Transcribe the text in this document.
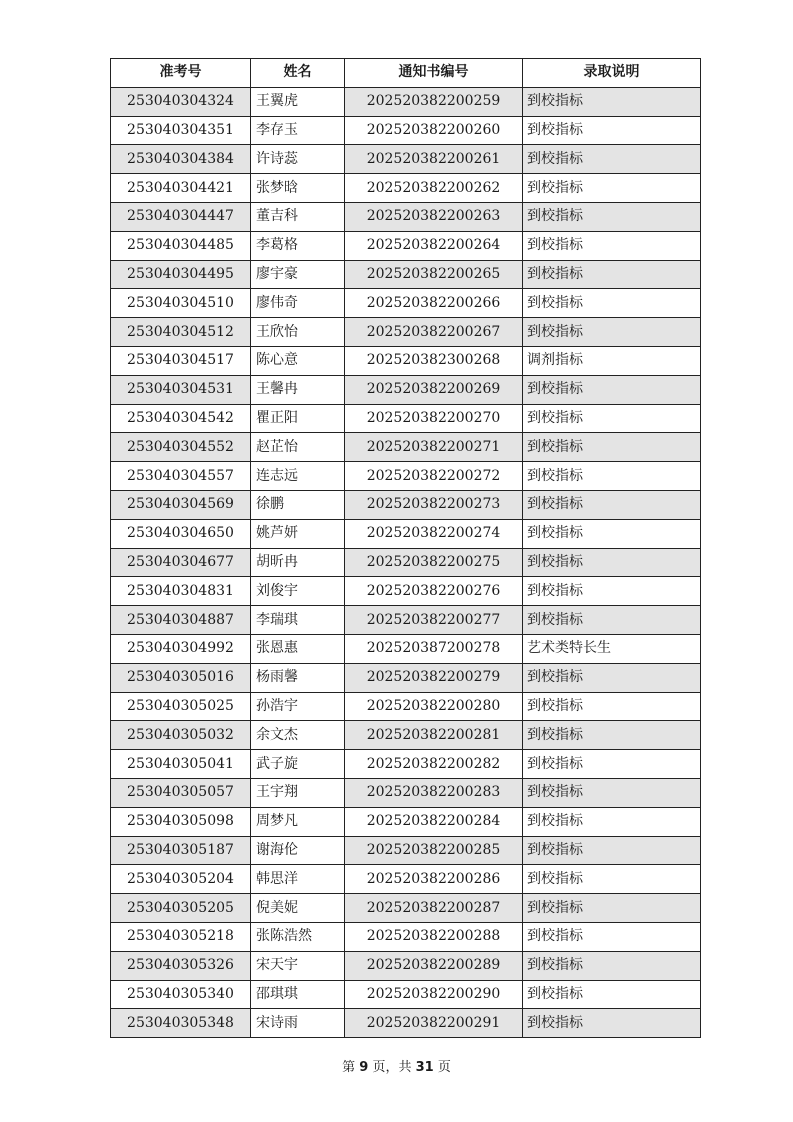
准考号	姓名	通知书编号	录取说明
253040304324	王翼虎	202520382200259	到校指标
253040304351	李存玉	202520382200260	到校指标
253040304384	许诗蕊	202520382200261	到校指标
253040304421	张梦晗	202520382200262	到校指标
253040304447	董吉科	202520382200263	到校指标
253040304485	李葛格	202520382200264	到校指标
253040304495	廖宇豪	202520382200265	到校指标
253040304510	廖伟奇	202520382200266	到校指标
253040304512	王欣怡	202520382200267	到校指标
253040304517	陈心意	202520382300268	调剂指标
253040304531	王馨冉	202520382200269	到校指标
253040304542	瞿正阳	202520382200270	到校指标
253040304552	赵芷怡	202520382200271	到校指标
253040304557	连志远	202520382200272	到校指标
253040304569	徐鹏	202520382200273	到校指标
253040304650	姚芦妍	202520382200274	到校指标
253040304677	胡昕冉	202520382200275	到校指标
253040304831	刘俊宇	202520382200276	到校指标
253040304887	李瑞琪	202520382200277	到校指标
253040304992	张恩惠	202520387200278	艺术类特长生
253040305016	杨雨馨	202520382200279	到校指标
253040305025	孙浩宇	202520382200280	到校指标
253040305032	余文杰	202520382200281	到校指标
253040305041	武子旋	202520382200282	到校指标
253040305057	王宇翔	202520382200283	到校指标
253040305098	周梦凡	202520382200284	到校指标
253040305187	谢海伦	202520382200285	到校指标
253040305204	韩思洋	202520382200286	到校指标
253040305205	倪美妮	202520382200287	到校指标
253040305218	张陈浩然	202520382200288	到校指标
253040305326	宋天宇	202520382200289	到校指标
253040305340	邵琪琪	202520382200290	到校指标
253040305348	宋诗雨	202520382200291	到校指标
第 9 页，共 31 页
